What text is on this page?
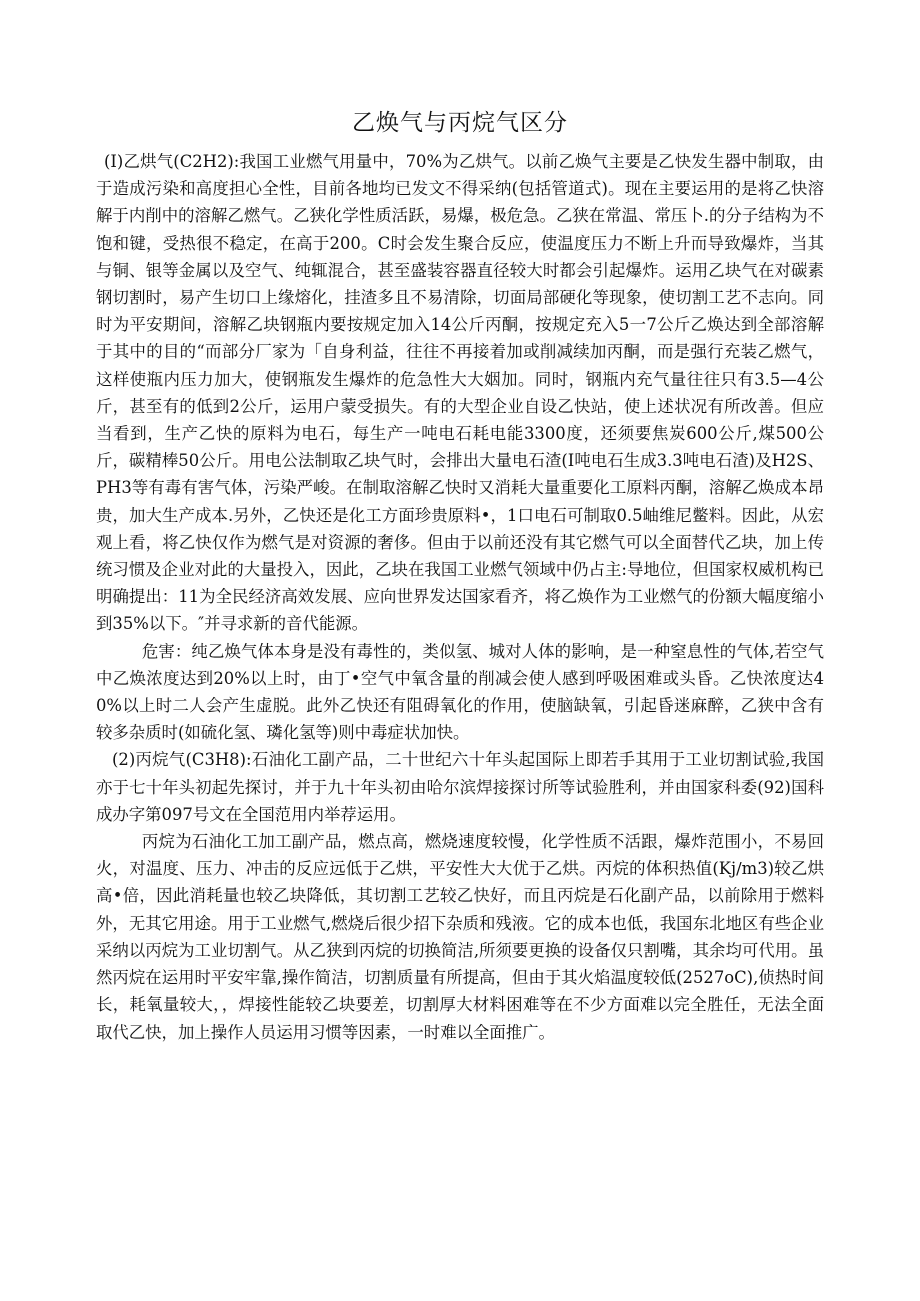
乙焕气与丙烷气区分

(I)乙烘气(C2H2):我国工业燃气用量中，70%为乙烘气。以前乙焕气主要是乙快发生器中制取，由于造成污染和高度担心全性，目前各地均已发文不得采纳(包括管道式)。现在主要运用的是将乙快溶解于内削中的溶解乙燃气。乙狭化学性质活跃，易爆，极危急。乙狭在常温、常压卜.的分子结构为不饱和键，受热很不稳定，在高于200。C时会发生聚合反应，使温度压力不断上升而导致爆炸，当其与铜、银等金属以及空气、纯辄混合，甚至盛装容器直径较大时都会引起爆炸。运用乙块气在对碳素钢切割时，易产生切口上缘熔化，挂渣多且不易清除，切面局部硬化等现象，使切割工艺不志向。同时为平安期间，溶解乙块钢瓶内要按规定加入14公斤丙酮，按规定充入5一7公斤乙焕达到全部溶解于其中的目的“而部分厂家为「自身利益，往往不再接着加或削减续加丙酮，而是强行充装乙燃气，这样使瓶内压力加大，使钢瓶发生爆炸的危急性大大姻加。同时，钢瓶内充气量往往只有3.5—4公斤，甚至有的低到2公斤，运用户蒙受损失。有的大型企业自设乙快站，使上述状况有所改善。但应当看到，生产乙快的原料为电石，每生产一吨电石耗电能3300度，还须要焦炭600公斤,煤500公斤，碳精棒50公斤。用电公法制取乙块气时，会排出大量电石渣(I吨电石生成3.3吨电石渣)及H2S、PH3等有毒有害气体，污染严峻。在制取溶解乙快时又消耗大量重要化工原料丙酮，溶解乙焕成本昂贵，加大生产成本.另外，乙快还是化工方面珍贵原料•，1口电石可制取0.5岫维尼鳖料。因此，从宏观上看，将乙快仅作为燃气是对资源的奢侈。但由于以前还没有其它燃气可以全面替代乙块，加上传统习惯及企业对此的大量投入，因此，乙块在我国工业燃气领域中仍占主:导地位，但国家权威机构已明确提出：11为全民经济高效发展、应向世界发达国家看齐，将乙焕作为工业燃气的份额大幅度缩小到35%以下。″并寻求新的音代能源。

危害：纯乙焕气体本身是没有毒性的，类似氢、城对人体的影响，是一种窒息性的气体,若空气中乙焕浓度达到20%以上时，由丁•空气中氧含量的削减会使人感到呼吸困难或头昏。乙快浓度达40%以上时二人会产生虚脱。此外乙快还有阻碍氧化的作用，使脑缺氧，引起昏迷麻醉，乙狭中含有较多杂质时(如硫化氢、璘化氢等)则中毒症状加快。

(2)丙烷气(C3H8):石油化工副产品，二十世纪六十年头起国际上即若手其用于工业切割试验,我国亦于七十年头初起先探讨，并于九十年头初由哈尔滨焊接探讨所等试验胜利，并由国家科委(92)国科成办字第097号文在全国范用内举荐运用。

丙烷为石油化工加工副产品，燃点高，燃烧速度较慢，化学性质不活跟，爆炸范围小，不易回火，对温度、压力、冲击的反应远低于乙烘，平安性大大优于乙烘。丙烷的体积热值(Kj∕m3)较乙烘高•倍，因此消耗量也较乙块降低，其切割工艺较乙快好，而且丙烷是石化副产品，以前除用于燃料外，无其它用途。用于工业燃气,燃烧后很少招下杂质和残液。它的成本也低，我国东北地区有些企业采纳以丙烷为工业切割气。从乙狭到丙烷的切换简洁,所须要更换的设备仅只割嘴，其余均可代用。虽然丙烷在运用时平安牢靠,操作简洁，切割质量有所提高，但由于其火焰温度较低(2527oC),侦热时间长，耗氧量较大，，焊接性能较乙块要差，切割厚大材料困难等在不少方面难以完全胜任，无法全面取代乙快，加上操作人员运用习惯等因素，一时难以全面推广。
